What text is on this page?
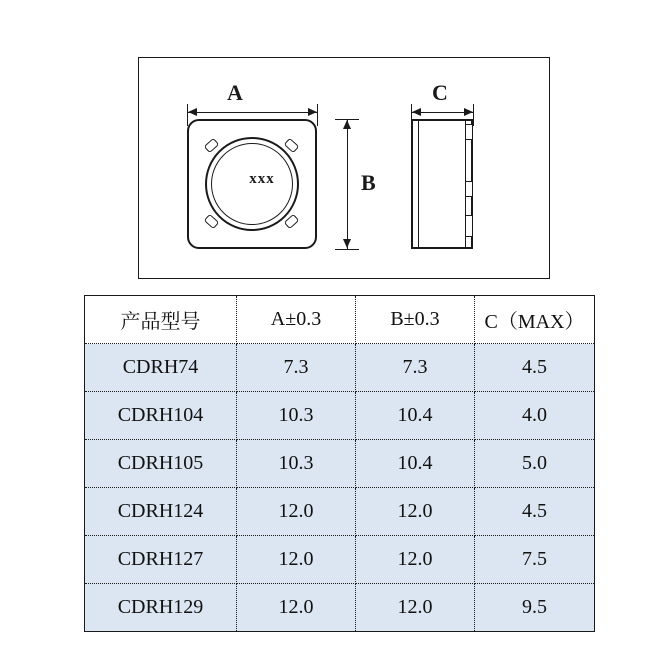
A
xxx	B
C
产品型号	A±0.3	B±0.3	C（MAX）
CDRH74	7.3	7.3	4.5
CDRH104	10.3	10.4	4.0
CDRH105	10.3	10.4	5.0
CDRH124	12.0	12.0	4.5
CDRH127	12.0	12.0	7.5
CDRH129	12.0	12.0	9.5
